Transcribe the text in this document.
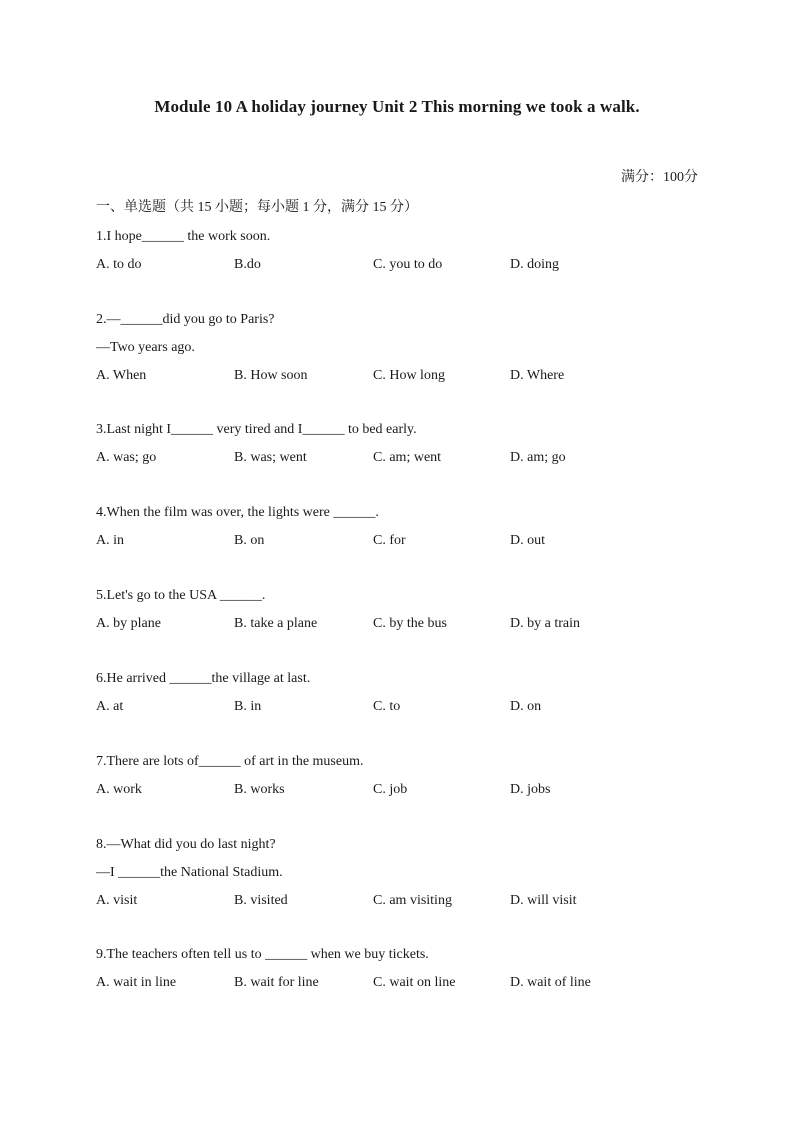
Module 10 A holiday journey Unit 2 This morning we took a walk.
满分：100分
一、单选题（共 15 小题；每小题 1 分，满分 15 分）
1.I hope______ the work soon.
A. to do	B.do	C. you to do	D. doing
2.—______did you go to Paris?
—Two years ago.
A. When	B. How soon	C. How long	D. Where
3.Last night I______ very tired and I______ to bed early.
A. was; go	B. was; went	C. am; went	D. am; go
4.When the film was over, the lights were ______.
A. in	B. on	C. for	D. out
5.Let's go to the USA ______.
A. by plane	B. take a plane	C. by the bus	D. by a train
6.He arrived ______the village at last.
A. at	B. in	C. to	D. on
7.There are lots of______ of art in the museum.
A. work	B. works	C. job	D. jobs
8.—What did you do last night?
—I ______the National Stadium.
A. visit	B. visited	C. am visiting	D. will visit
9.The teachers often tell us to ______ when we buy tickets.
A. wait in line	B. wait for line	C. wait on line	D. wait of line
